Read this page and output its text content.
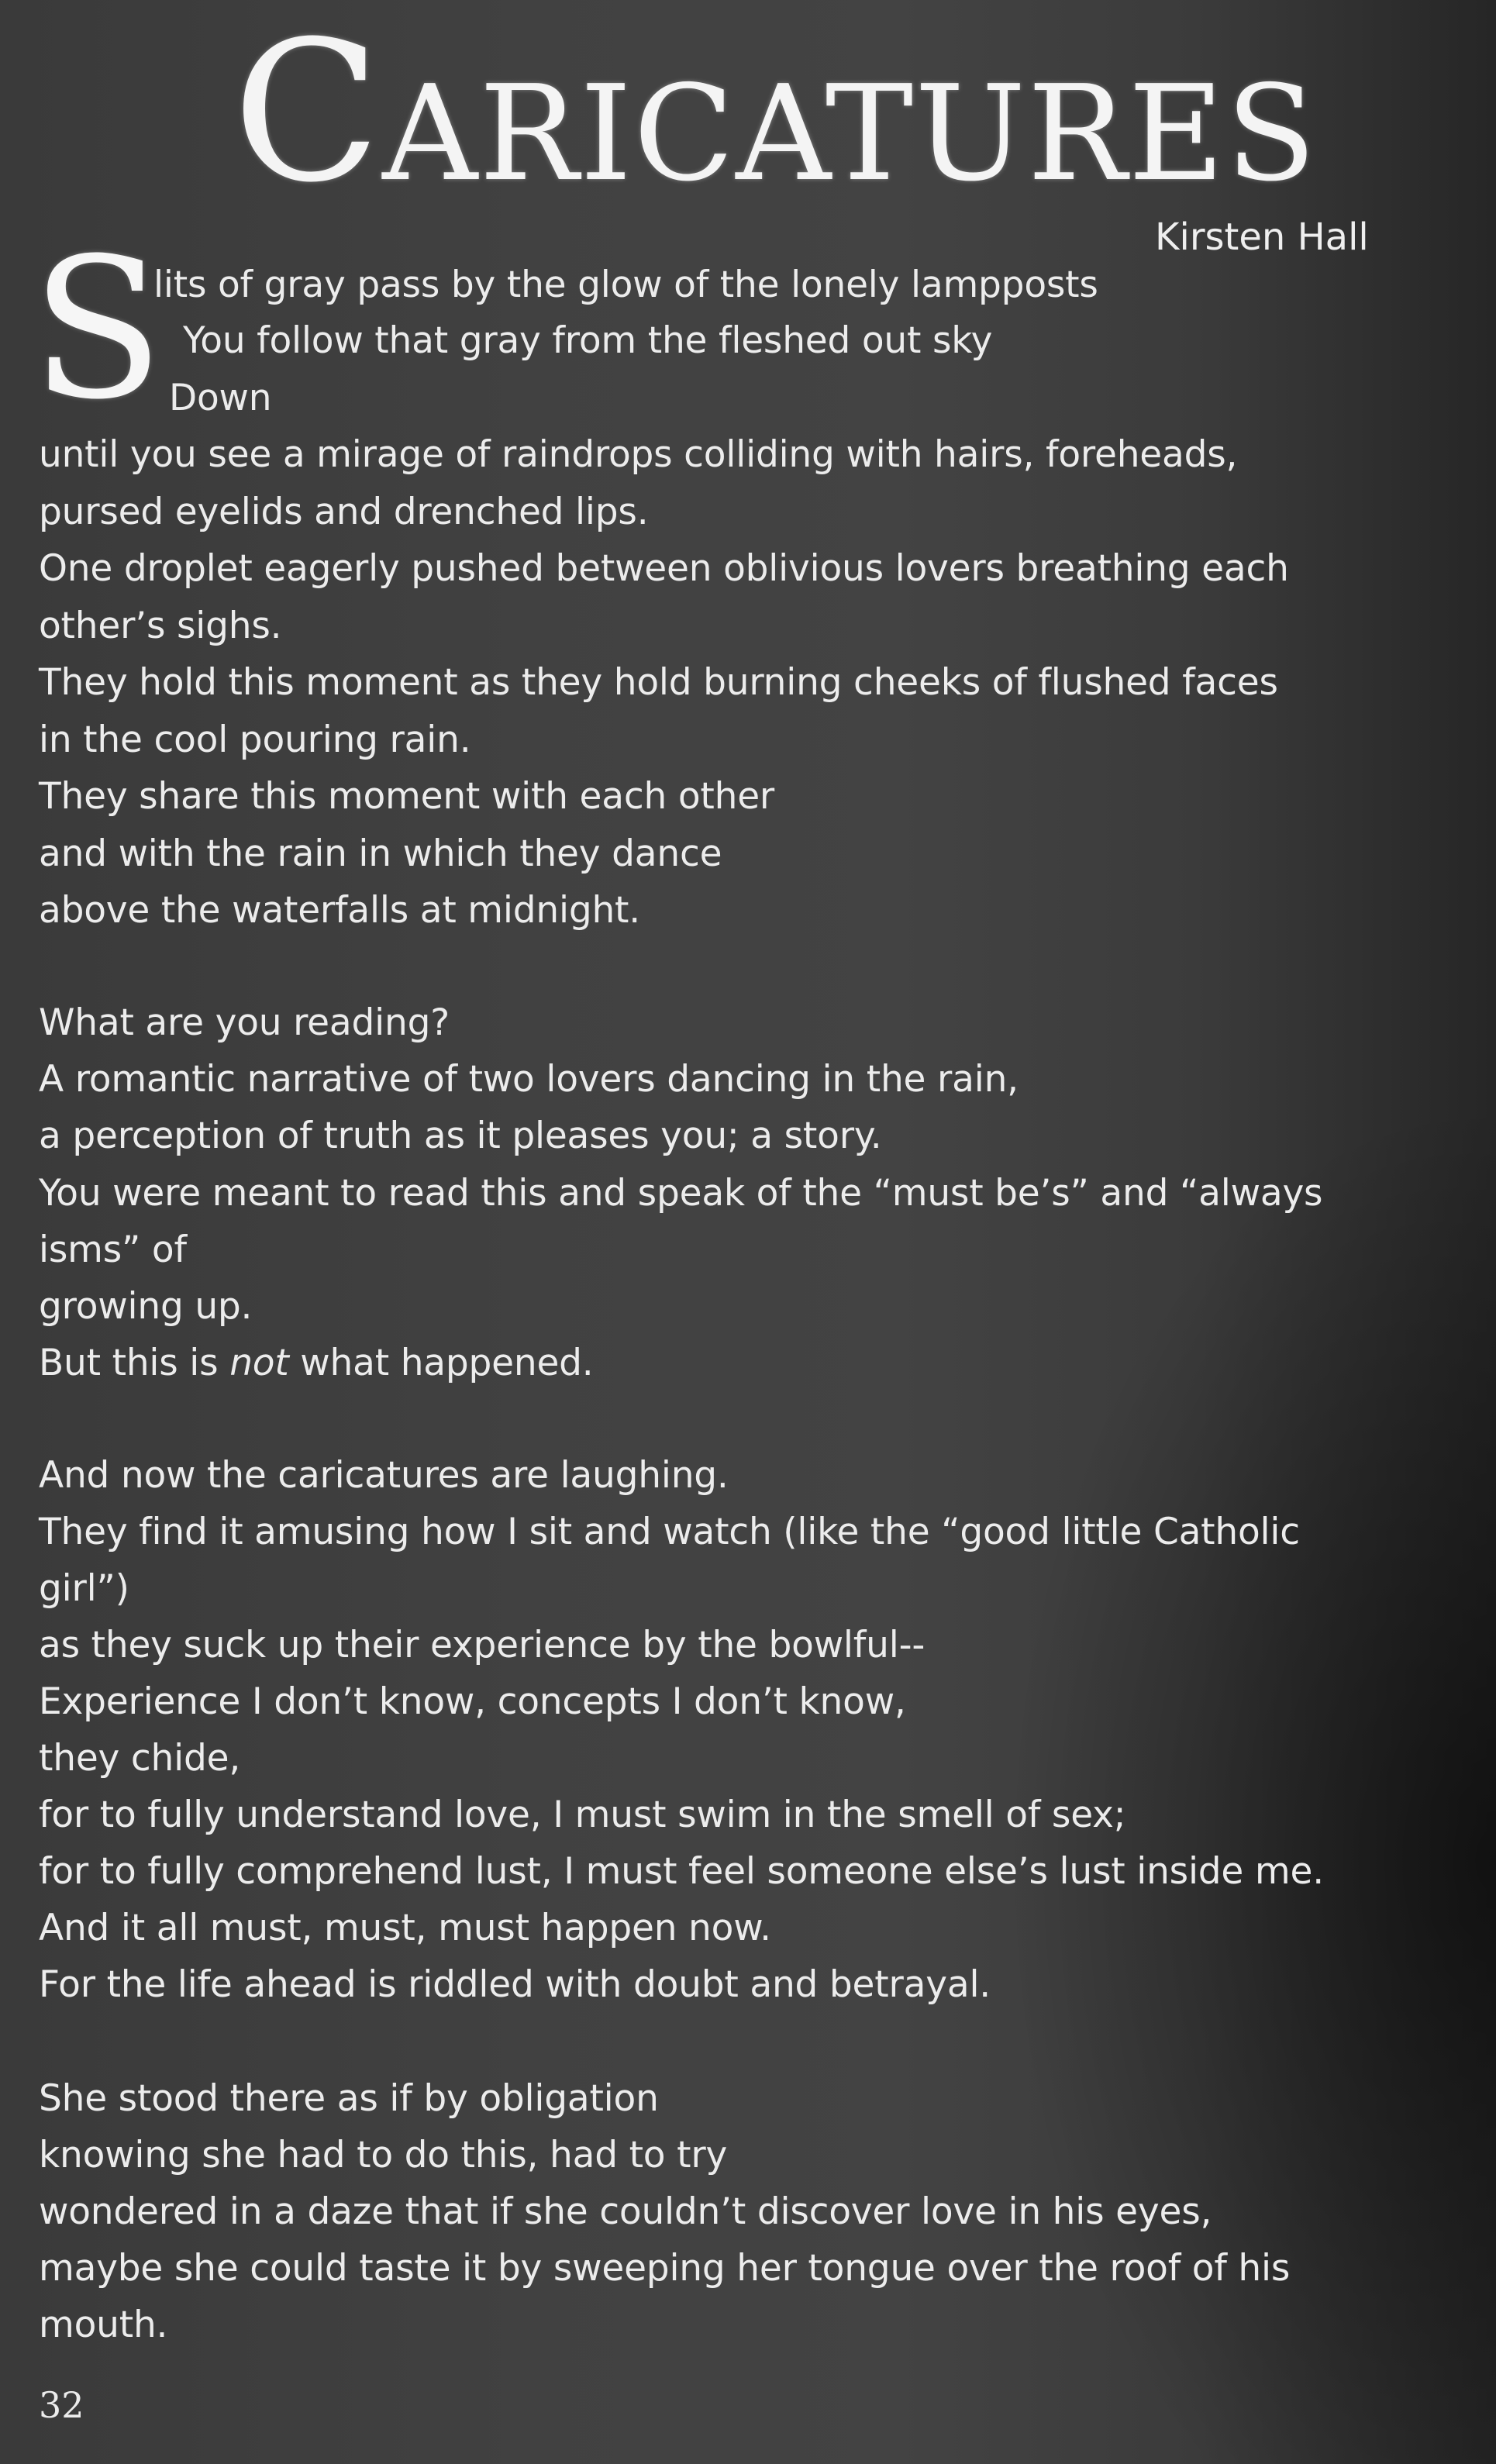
CARICATURES
Kirsten Hall
S
lits of gray pass by the glow of the lonely lampposts
You follow that gray from the fleshed out sky
Down
until you see a mirage of raindrops colliding with hairs, foreheads,
pursed eyelids and drenched lips.
One droplet eagerly pushed between oblivious lovers breathing each
other’s sighs.
They hold this moment as they hold burning cheeks of flushed faces
in the cool pouring rain.
They share this moment with each other
and with the rain in which they dance
above the waterfalls at midnight.
What are you reading?
A romantic narrative of two lovers dancing in the rain,
a perception of truth as it pleases you; a story.
You were meant to read this and speak of the “must be’s” and “always
isms” of
growing up.
But this is not what happened.
And now the caricatures are laughing.
They find it amusing how I sit and watch (like the “good little Catholic
girl”)
as they suck up their experience by the bowlful--
Experience I don’t know, concepts I don’t know,
they chide,
for to fully understand love, I must swim in the smell of sex;
for to fully comprehend lust, I must feel someone else’s lust inside me.
And it all must, must, must happen now.
For the life ahead is riddled with doubt and betrayal.
She stood there as if by obligation
knowing she had to do this, had to try
wondered in a daze that if she couldn’t discover love in his eyes,
maybe she could taste it by sweeping her tongue over the roof of his
mouth.
32
